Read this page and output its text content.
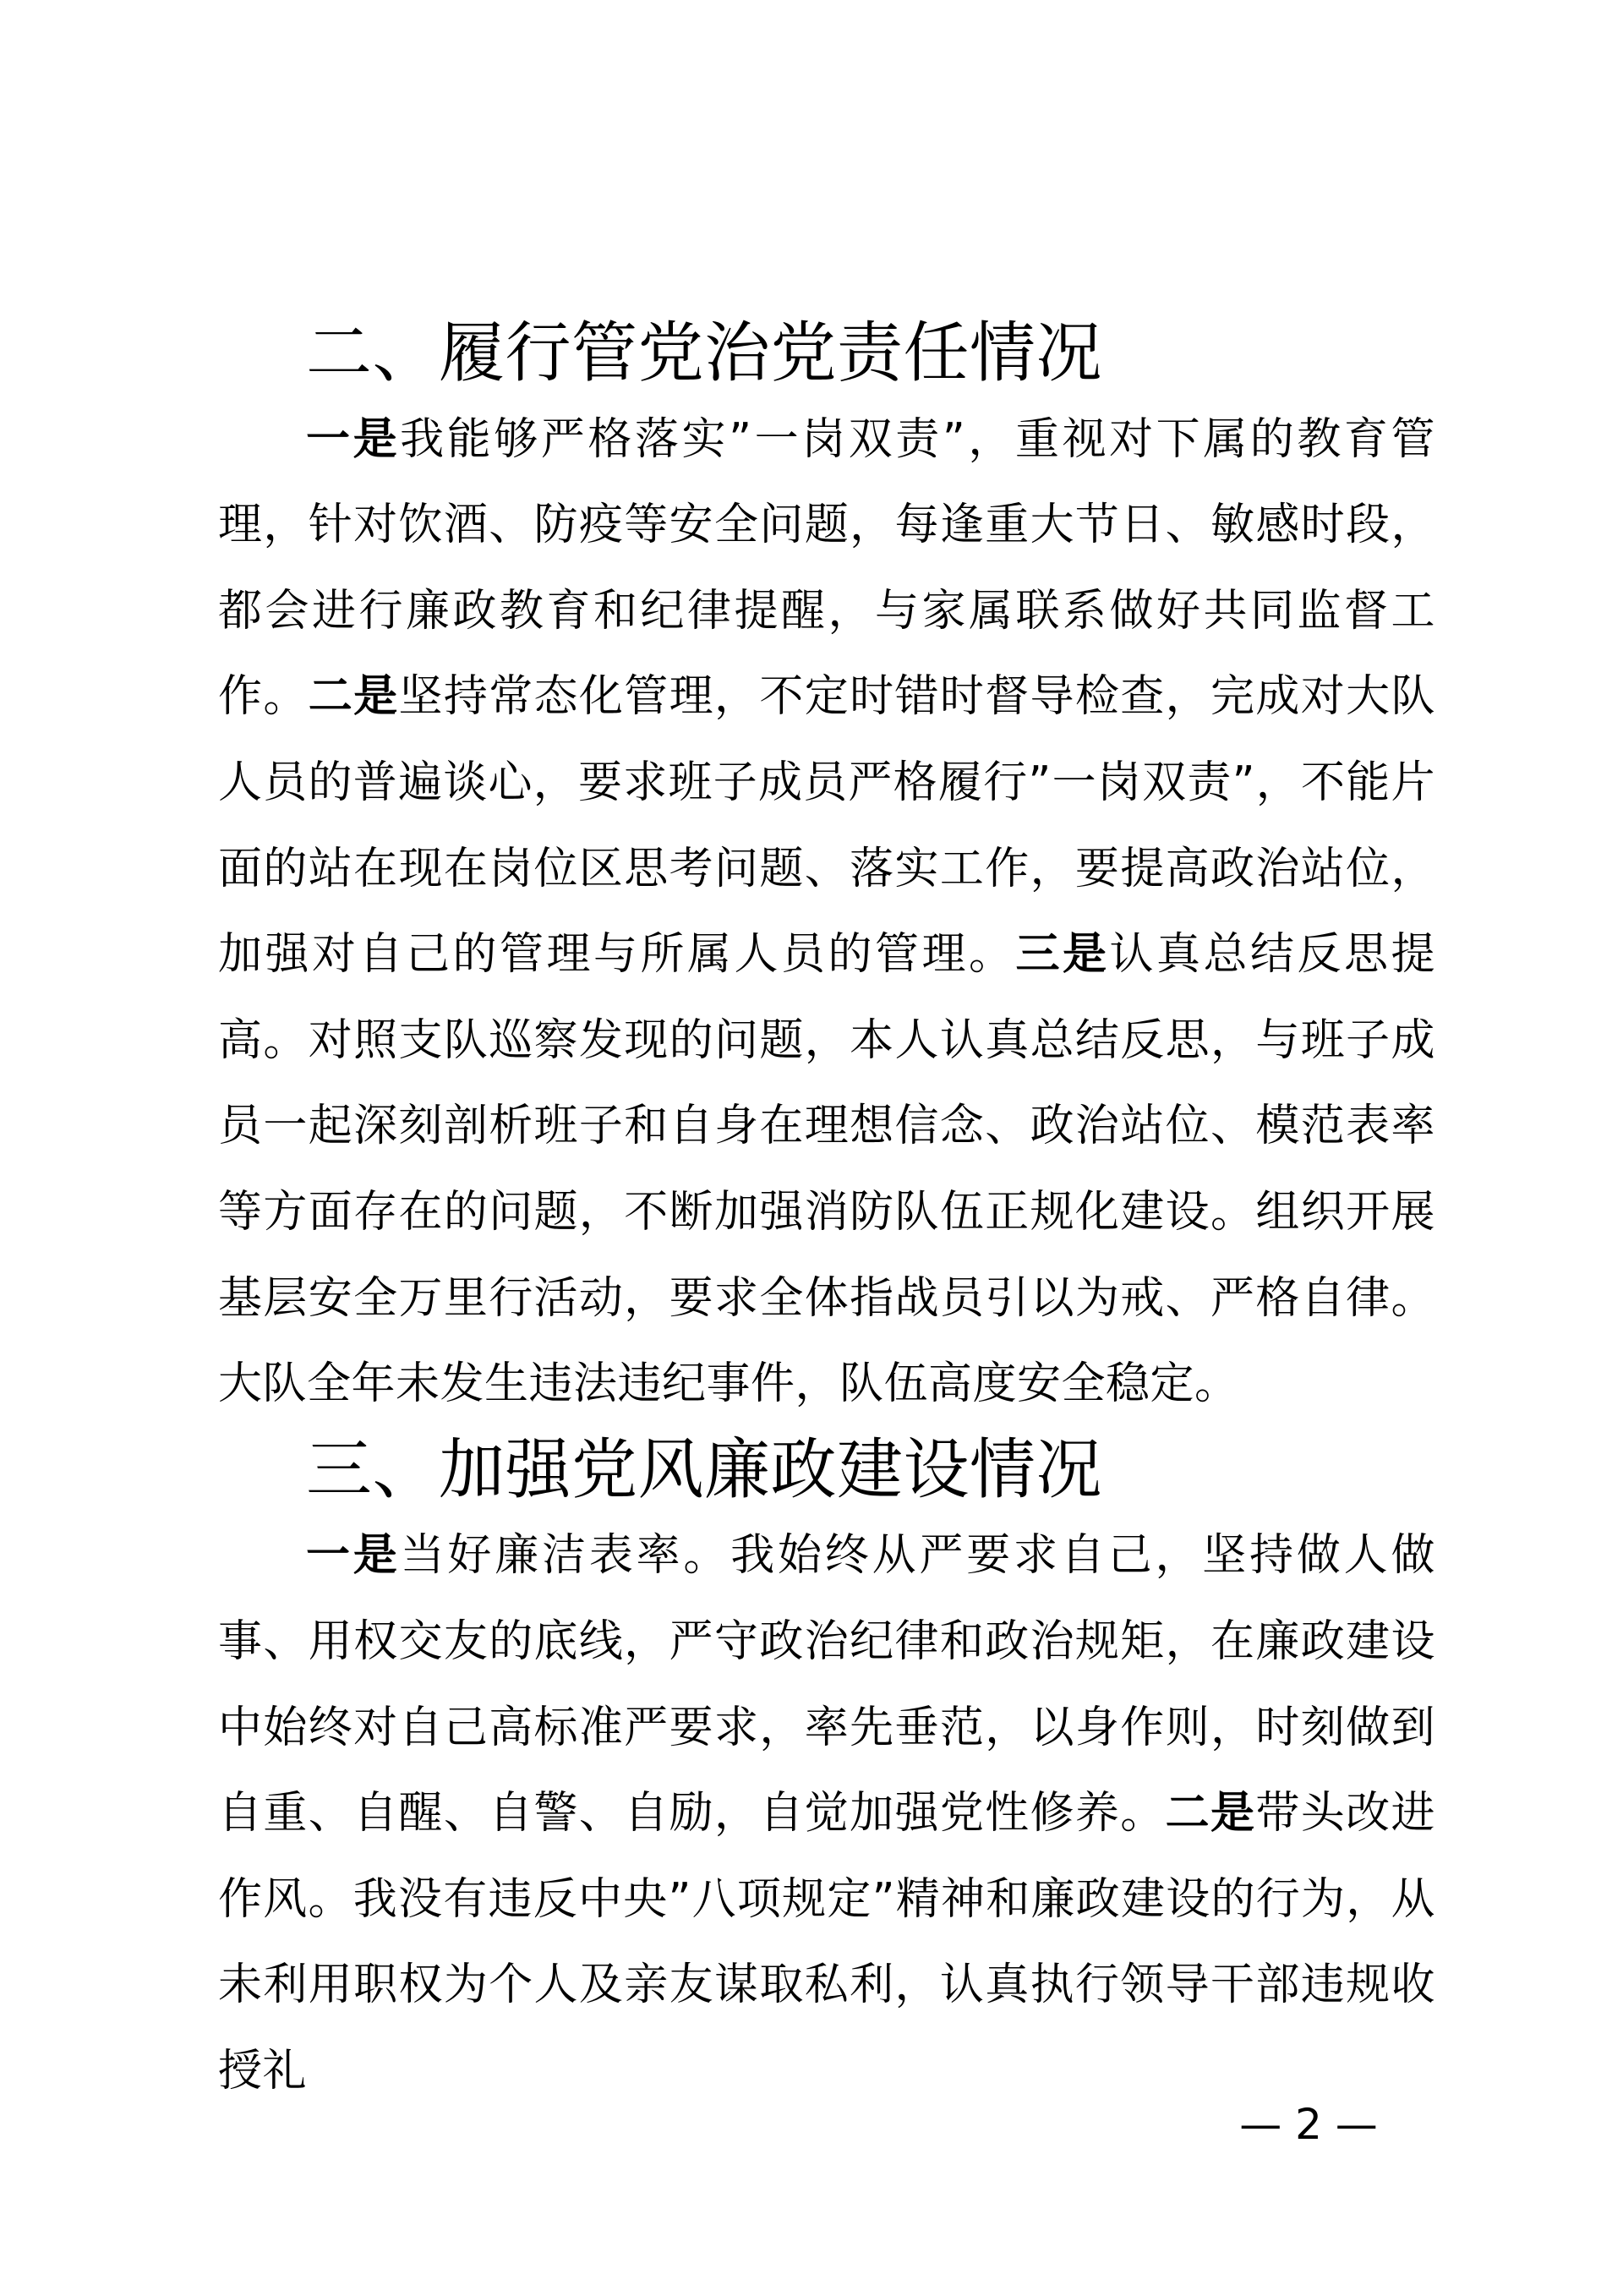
二、履行管党治党责任情况

一是我能够严格落实”一岗双责”，重视对下属的教育管理，针对饮酒、防疫等安全问题，每逢重大节日、敏感时段，都会进行廉政教育和纪律提醒，与家属联系做好共同监督工作。二是坚持常态化管理，不定时错时督导检查，完成对大队人员的普遍谈心，要求班子成员严格履行”一岗双责”，不能片面的站在现在岗位区思考问题、落实工作，要提高政治站位，加强对自己的管理与所属人员的管理。三是认真总结反思提高。对照支队巡察发现的问题，本人认真总结反思，与班子成员一起深刻剖析班子和自身在理想信念、政治站位、模范表率等方面存在的问题，不断加强消防队伍正规化建设。组织开展基层安全万里行活动，要求全体指战员引以为戒、严格自律。大队全年未发生违法违纪事件，队伍高度安全稳定。

三、加强党风廉政建设情况

一是当好廉洁表率。我始终从严要求自己，坚持做人做事、用权交友的底线，严守政治纪律和政治规矩，在廉政建设中始终对自己高标准严要求，率先垂范，以身作则，时刻做到自重、自醒、自警、自励，自觉加强党性修养。二是带头改进作风。我没有违反中央”八项规定”精神和廉政建设的行为，从未利用职权为个人及亲友谋取私利，认真执行领导干部违规收授礼

— 2 —
